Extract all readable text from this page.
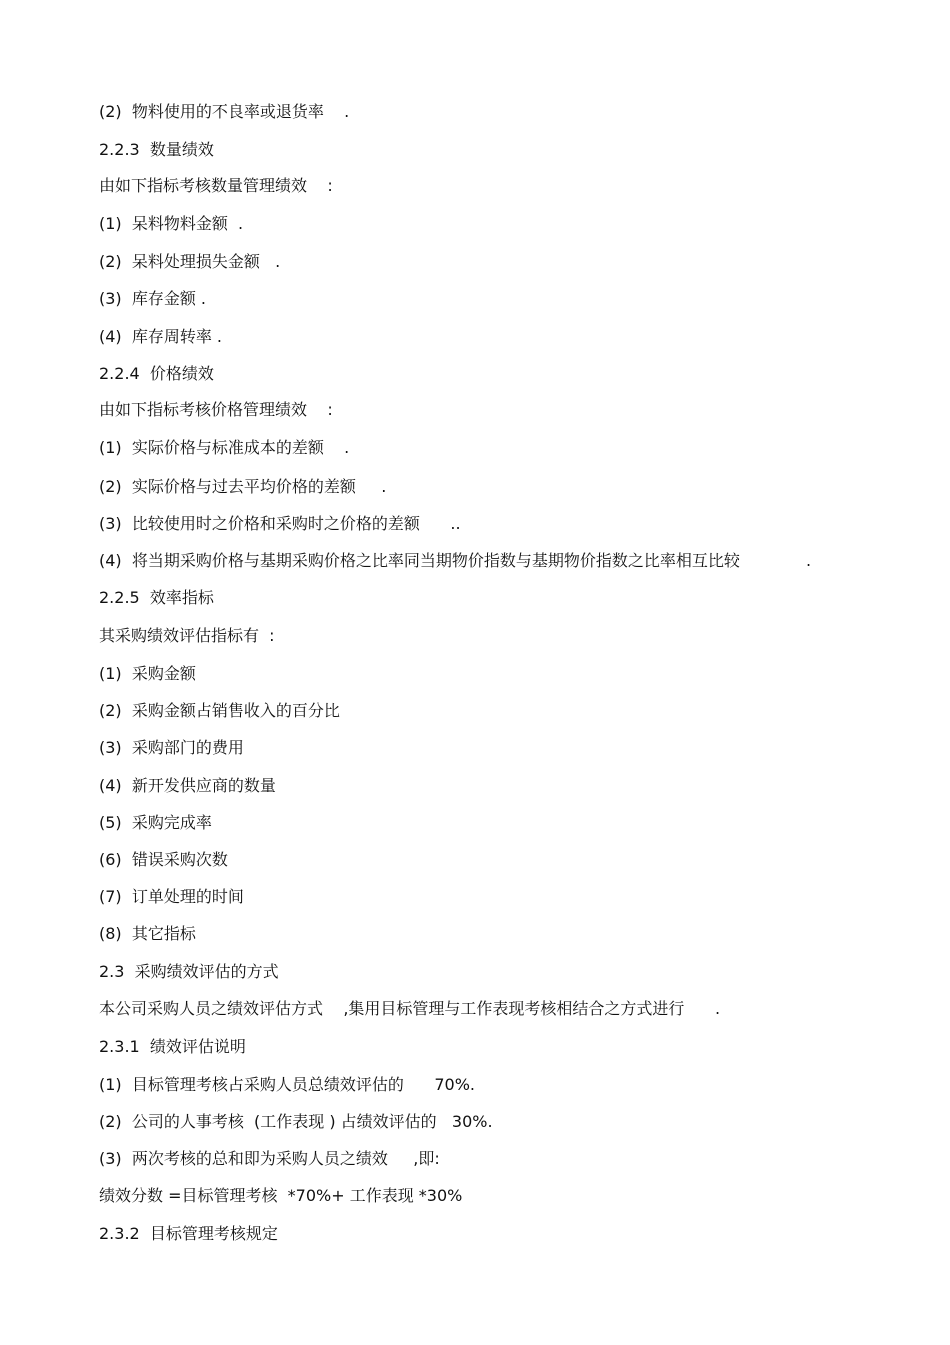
(2)  物料使用的不良率或退货率    .
2.2.3  数量绩效
由如下指标考核数量管理绩效    :
(1)  呆料物料金额  .
(2)  呆料处理损失金额   .
(3)  库存金额 .
(4)  库存周转率 .
2.2.4  价格绩效
由如下指标考核价格管理绩效    :
(1)  实际价格与标准成本的差额    .
(2)  实际价格与过去平均价格的差额     .
(3)  比较使用时之价格和采购时之价格的差额      ..
(4)  将当期采购价格与基期采购价格之比率同当期物价指数与基期物价指数之比率相互比较             .
2.2.5  效率指标
其采购绩效评估指标有  :
(1)  采购金额
(2)  采购金额占销售收入的百分比
(3)  采购部门的费用
(4)  新开发供应商的数量
(5)  采购完成率
(6)  错误采购次数
(7)  订单处理的时间
(8)  其它指标
2.3  采购绩效评估的方式
本公司采购人员之绩效评估方式    ,集用目标管理与工作表现考核相结合之方式进行      .
2.3.1  绩效评估说明
(1)  目标管理考核占采购人员总绩效评估的      70%.
(2)  公司的人事考核  (工作表现 ) 占绩效评估的   30%.
(3)  两次考核的总和即为采购人员之绩效     ,即:
绩效分数 =目标管理考核  *70%+ 工作表现 *30%
2.3.2  目标管理考核规定
